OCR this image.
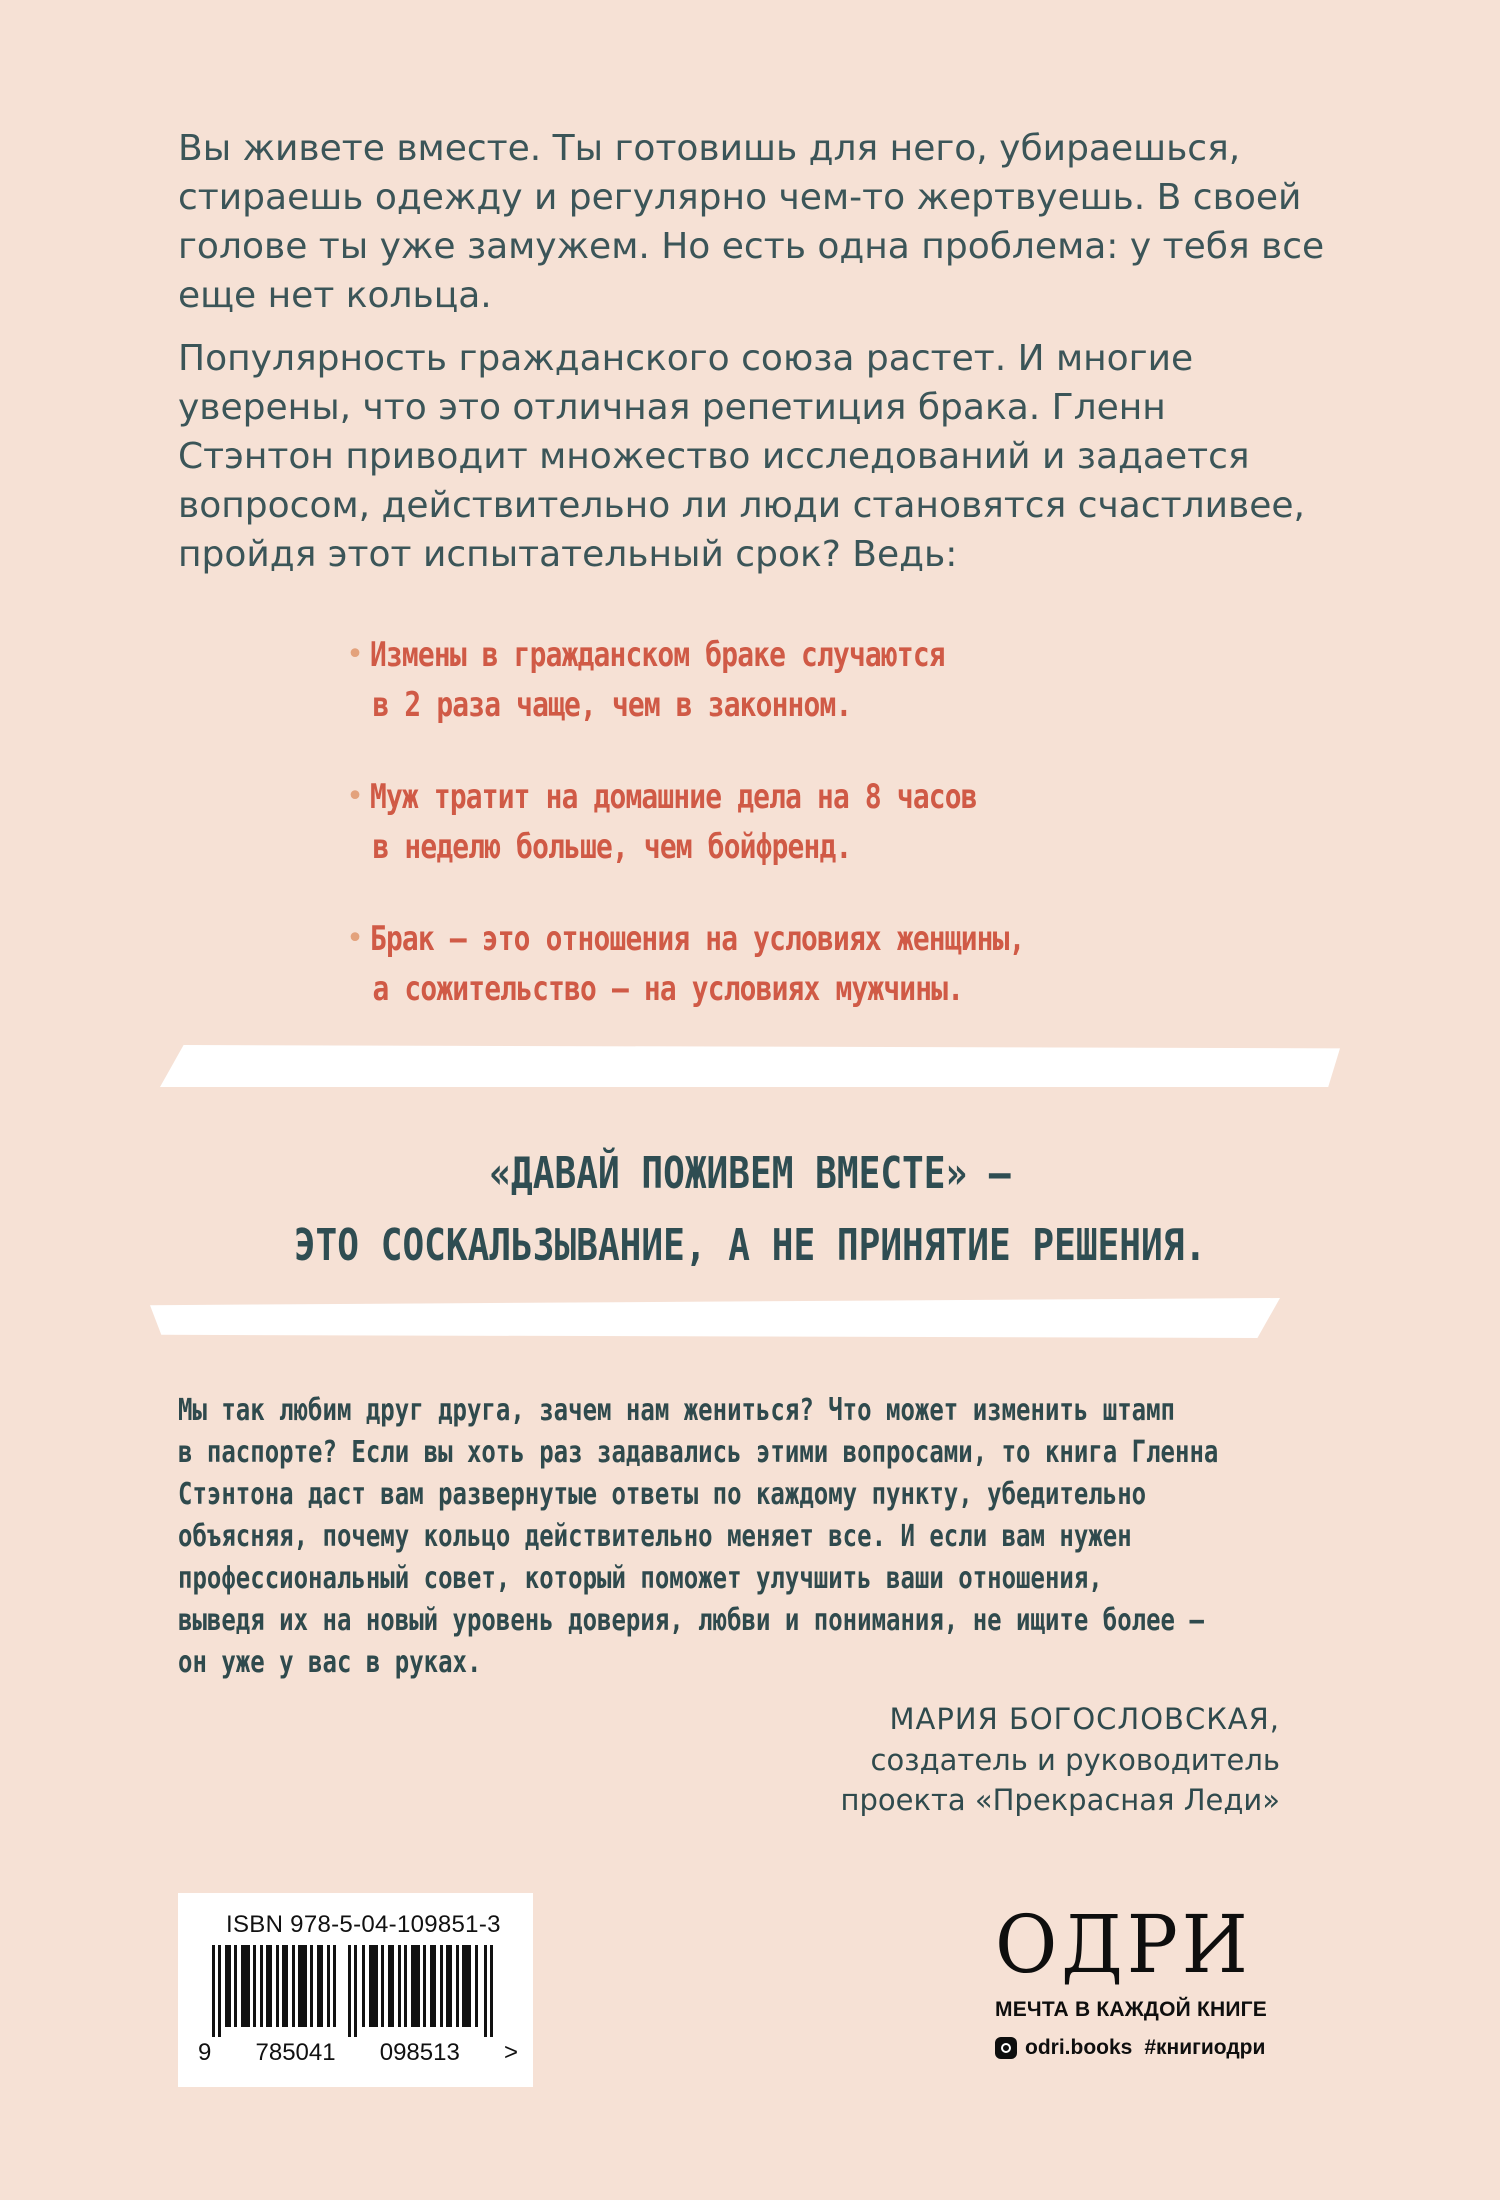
Вы живете вместе. Ты готовишь для него, убираешься, стираешь одежду и регулярно чем-то жертвуешь. В своей голове ты уже замужем. Но есть одна проблема: у тебя все еще нет кольца.

Популярность гражданского союза растет. И многие уверены, что это отличная репетиция брака. Гленн Стэнтон приводит множество исследований и задается вопросом, действительно ли люди становятся счастливее, пройдя этот испытательный срок? Ведь:

• Измены в гражданском браке случаются
в 2 раза чаще, чем в законном.
• Муж тратит на домашние дела на 8 часов
в неделю больше, чем бойфренд.
• Брак — это отношения на условиях женщины,
а сожительство — на условиях мужчины.
«ДАВАЙ ПОЖИВЕМ ВМЕСТЕ» —
ЭТО СОСКАЛЬЗЫВАНИЕ, А НЕ ПРИНЯТИЕ РЕШЕНИЯ.
Мы так любим друг друга, зачем нам жениться? Что может изменить штамп
в паспорте? Если вы хоть раз задавались этими вопросами, то книга Гленна
Стэнтона даст вам развернутые ответы по каждому пункту, убедительно
объясняя, почему кольцо действительно меняет все. И если вам нужен
профессиональный совет, который поможет улучшить ваши отношения,
выведя их на новый уровень доверия, любви и понимания, не ищите более —
он уже у вас в руках.
МАРИЯ БОГОСЛОВСКАЯ,
создатель и руководитель
проекта «Прекрасная Леди»
ISBN 978-5-04-109851-3
9 785041 098513 >
ОДРИ
МЕЧТА В КАЖДОЙ КНИГЕ
odri.books #книгиодри
